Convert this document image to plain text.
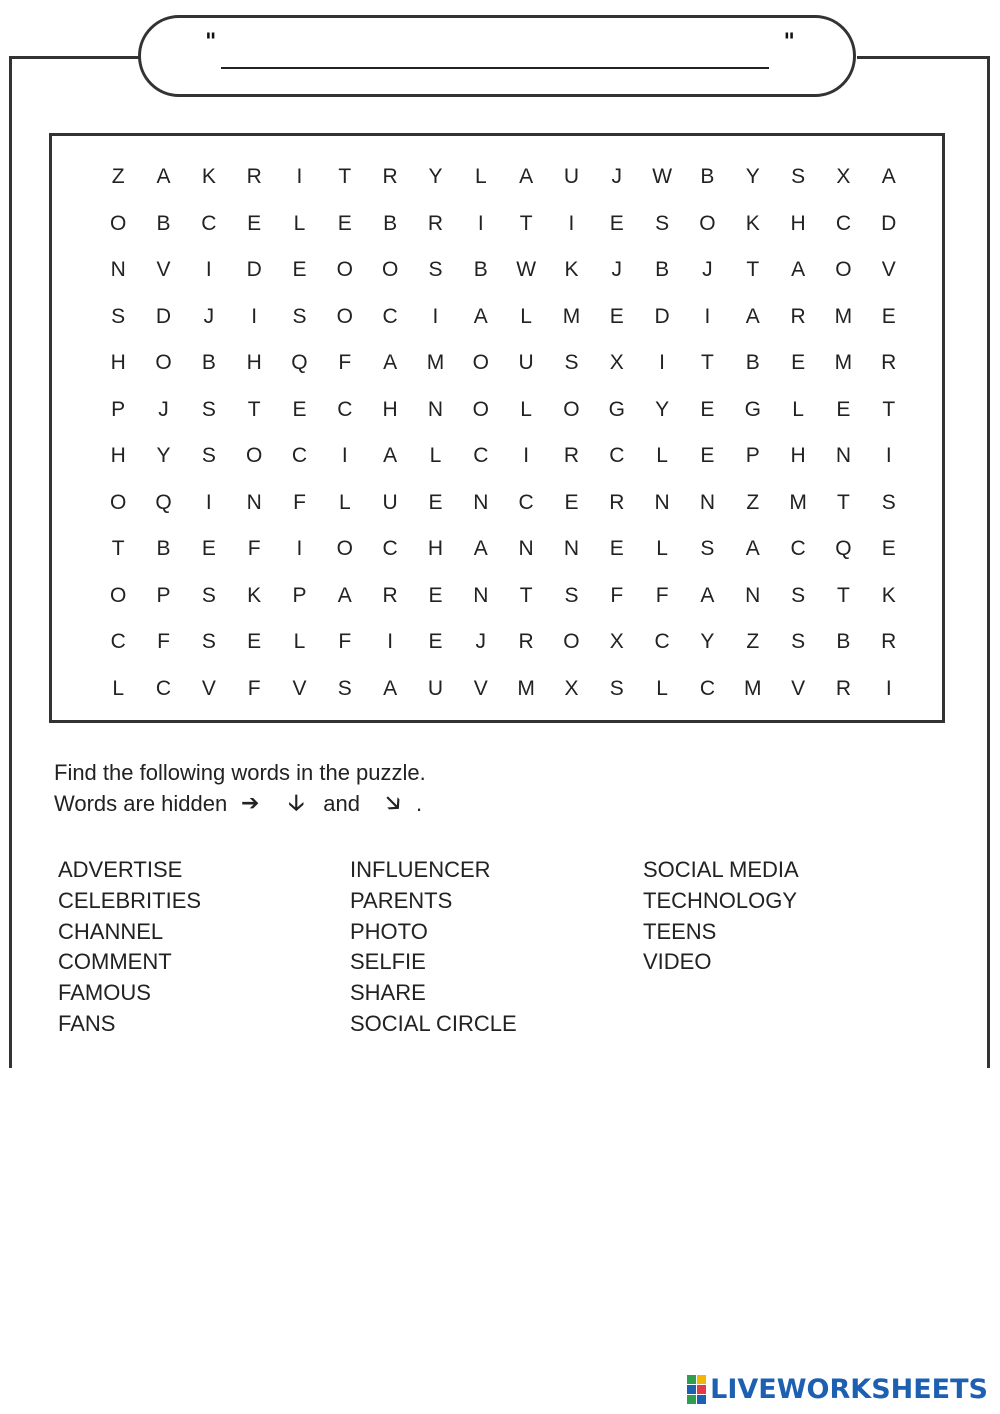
"	"
Z	A	K	R	I	T	R	Y	L	A	U	J	W	B	Y	S	X	A
O	B	C	E	L	E	B	R	I	T	I	E	S	O	K	H	C	D
N	V	I	D	E	O	O	S	B	W	K	J	B	J	T	A	O	V
S	D	J	I	S	O	C	I	A	L	M	E	D	I	A	R	M	E
H	O	B	H	Q	F	A	M	O	U	S	X	I	T	B	E	M	R
P	J	S	T	E	C	H	N	O	L	O	G	Y	E	G	L	E	T
H	Y	S	O	C	I	A	L	C	I	R	C	L	E	P	H	N	I
O	Q	I	N	F	L	U	E	N	C	E	R	N	N	Z	M	T	S
T	B	E	F	I	O	C	H	A	N	N	E	L	S	A	C	Q	E
O	P	S	K	P	A	R	E	N	T	S	F	F	A	N	S	T	K
C	F	S	E	L	F	I	E	J	R	O	X	C	Y	Z	S	B	R
L	C	V	F	V	S	A	U	V	M	X	S	L	C	M	V	R	I
Find the following words in the puzzle.
Words are hidden ➔	🡣 and	🡦 .
ADVERTISE
CELEBRITIES
CHANNEL
COMMENT
FAMOUS
FANS
INFLUENCER
PARENTS
PHOTO
SELFIE
SHARE
SOCIAL CIRCLE
SOCIAL MEDIA
TECHNOLOGY
TEENS
VIDEO
LIVEWORKSHEETS
